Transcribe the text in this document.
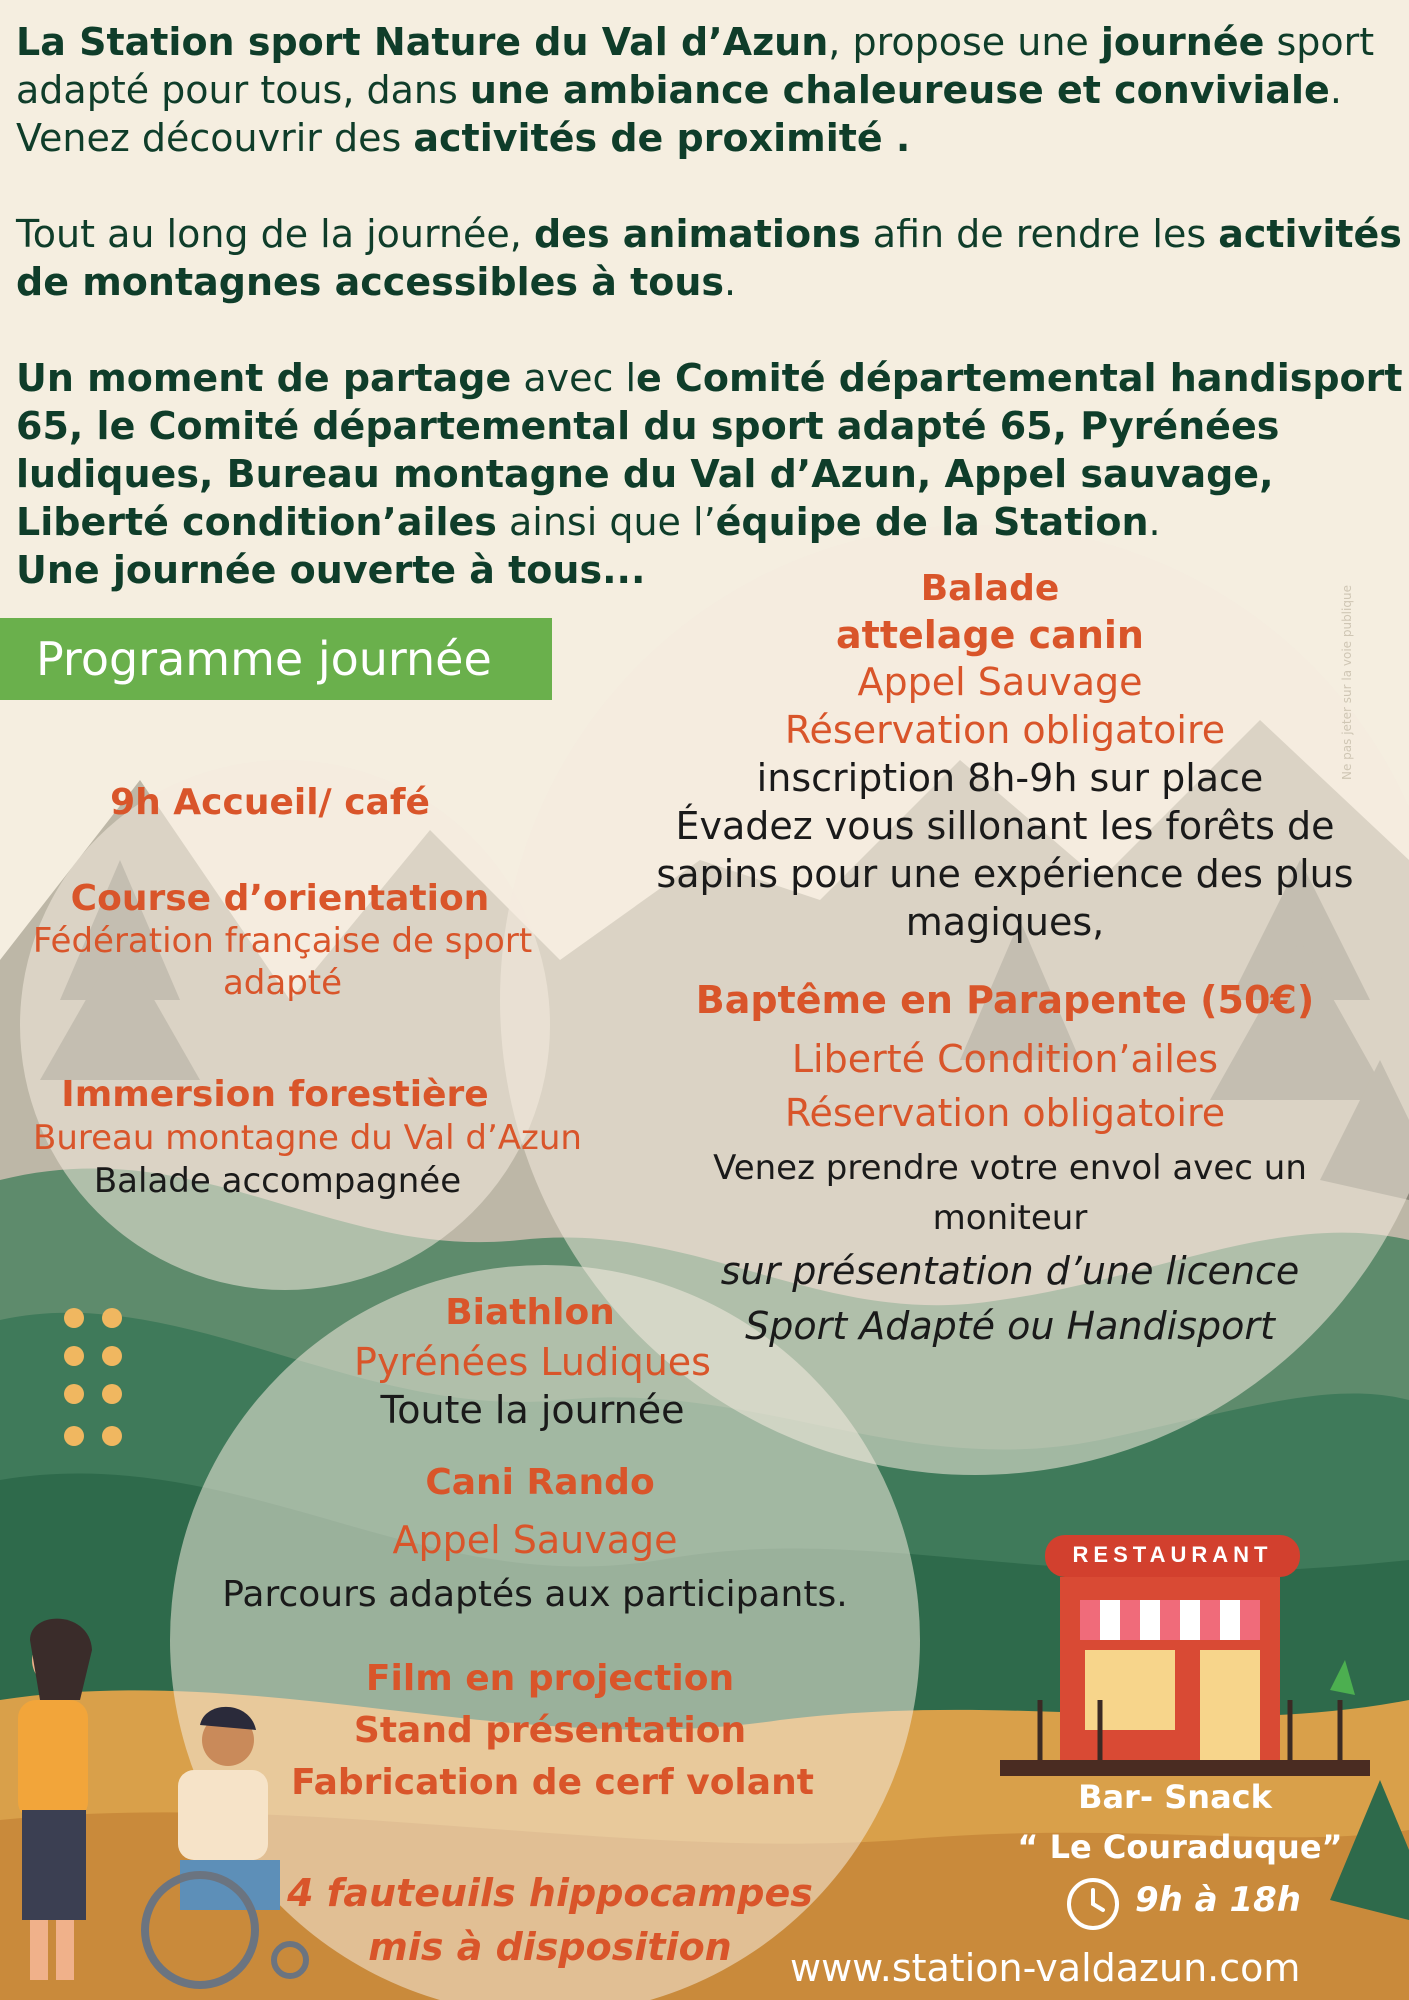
La Station sport Nature du Val d’Azun, propose une journée sport adapté pour tous, dans une ambiance chaleureuse et conviviale. Venez découvrir des activités de proximité .

Tout au long de la journée, des animations afin de rendre les activités de montagnes accessibles à tous.

Un moment de partage avec le Comité départemental handisport 65, le Comité départemental du sport adapté 65, Pyrénées ludiques, Bureau montagne du Val d’Azun, Appel sauvage, Liberté condition’ailes ainsi que l’équipe de la Station.

Une journée ouverte à tous...

Programme journée
9h Accueil/ café
Course d’orientation
Fédération française de sport adapté
Immersion forestière
Bureau montagne du Val d’Azun
Balade accompagnée
Balade
attelage canin
Appel Sauvage
Réservation obligatoire
inscription 8h-9h sur place
Évadez vous sillonant les forêts de sapins pour une expérience des plus magiques,
Baptême en Parapente (50€)
Liberté Condition’ailes
Réservation obligatoire
Venez prendre votre envol avec un moniteur
sur présentation d’une licence Sport Adapté ou Handisport
Biathlon
Pyrénées Ludiques
Toute la journée
Cani Rando
Appel Sauvage
Parcours adaptés aux participants.
Film en projection
Stand présentation
Fabrication de cerf volant
4 fauteuils hippocampes mis à disposition
RESTAURANT
Bar- Snack
“ Le Couraduque”
9h à 18h
Ne pas jeter sur la voie publique
www.station-valdazun.com
